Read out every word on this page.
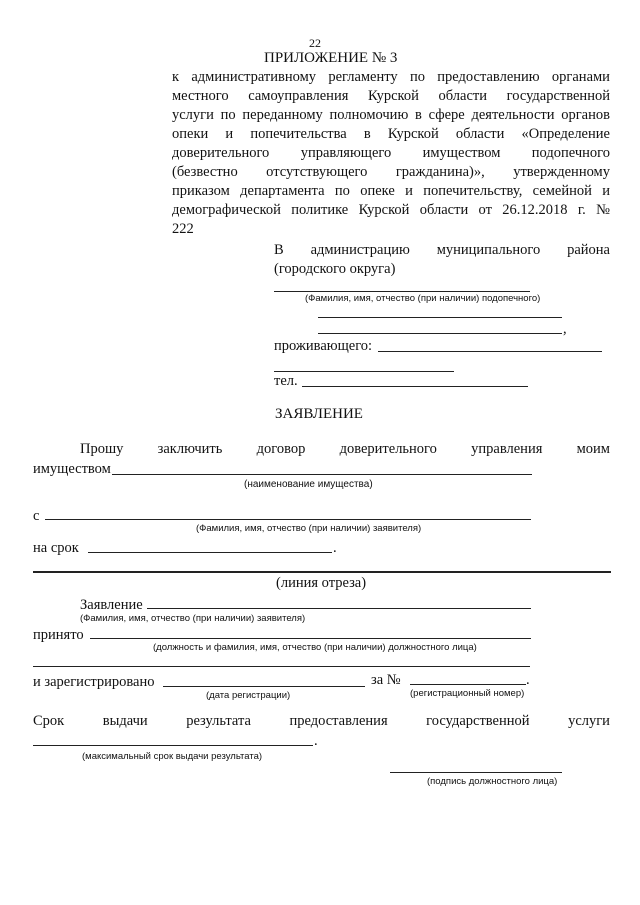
22
ПРИЛОЖЕНИЕ № 3
к административному регламенту по предоставлению органами
местного самоуправления Курской области государственной
услуги по переданному полномочию в сфере деятельности органов
опеки и попечительства в Курской области «Определение
доверительного управляющего имуществом подопечного
(безвестно отсутствующего гражданина)», утвержденному
приказом департамента по опеке и попечительству, семейной и
демографической политике Курской области от 26.12.2018 г. №
222
В администрацию муниципального района
(городского округа)
(Фамилия, имя, отчество (при наличии) подопечного)
,
проживающего:
тел.
ЗАЯВЛЕНИЕ
Прошу заключить договор доверительного управления моим
имуществом
(наименование имущества)
с
(Фамилия, имя, отчество (при наличии) заявителя)
на срок	.
(линия отреза)
Заявление
(Фамилия, имя, отчество (при наличии) заявителя)
принято
(должность и фамилия, имя, отчество (при наличии) должностного лица)
и зарегистрировано
(дата регистрации)
за №	.
(регистрационный номер)
Срок	выдачи	результата	предоставления	государственной	услуги
.
(максимальный срок выдачи результата)
(подпись должностного лица)
